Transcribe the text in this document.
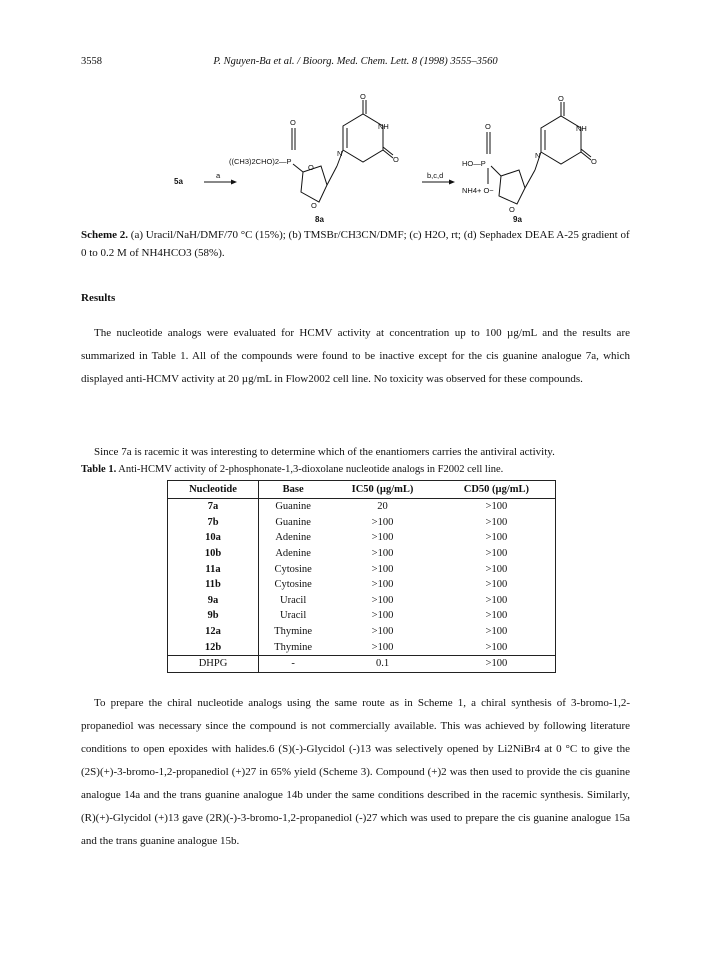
3558	P. Nguyen-Ba et al. / Bioorg. Med. Chem. Lett. 8 (1998) 3555–3560
5a
a
((CH3)2CHO)2—P
O
O
O
O
NH
N
O
8a
b,c,d
HO—P
O
NH4+ O−
O
O
NH
N
O
9a
Scheme 2. (a) Uracil/NaH/DMF/70 °C (15%); (b) TMSBr/CH3CN/DMF; (c) H2O, rt; (d) Sephadex DEAE A-25 gradient of 0 to 0.2 M of NH4HCO3 (58%).
Results

The nucleotide analogs were evaluated for HCMV activity at concentration up to 100 µg/mL and the results are summarized in Table 1. All of the compounds were found to be inactive except for the cis guanine analogue 7a, which displayed anti-HCMV activity at 20 µg/mL in Flow2002 cell line. No toxicity was observed for these compounds.

Since 7a is racemic it was interesting to determine which of the enantiomers carries the antiviral activity.

Table 1. Anti-HCMV activity of 2-phosphonate-1,3-dioxolane nucleotide analogs in F2002 cell line.
Nucleotide	Base	IC50 (µg/mL)	CD50 (µg/mL)
7a	Guanine	20	>100
7b	Guanine	>100	>100
10a	Adenine	>100	>100
10b	Adenine	>100	>100
11a	Cytosine	>100	>100
11b	Cytosine	>100	>100
9a	Uracil	>100	>100
9b	Uracil	>100	>100
12a	Thymine	>100	>100
12b	Thymine	>100	>100
DHPG	-	0.1	>100

To prepare the chiral nucleotide analogs using the same route as in Scheme 1, a chiral synthesis of 3-bromo-1,2-propanediol was necessary since the compound is not commercially available. This was achieved by following literature conditions to open epoxides with halides.6 (S)(-)-Glycidol (-)13 was selectively opened by Li2NiBr4 at 0 °C to give the (2S)(+)-3-bromo-1,2-propanediol (+)27 in 65% yield (Scheme 3). Compound (+)2 was then used to provide the cis guanine analogue 14a and the trans guanine analogue 14b under the same conditions described in the racemic synthesis. Similarly, (R)(+)-Glycidol (+)13 gave (2R)(-)-3-bromo-1,2-propanediol (-)27 which was used to prepare the cis guanine analogue 15a and the trans guanine analogue 15b.
